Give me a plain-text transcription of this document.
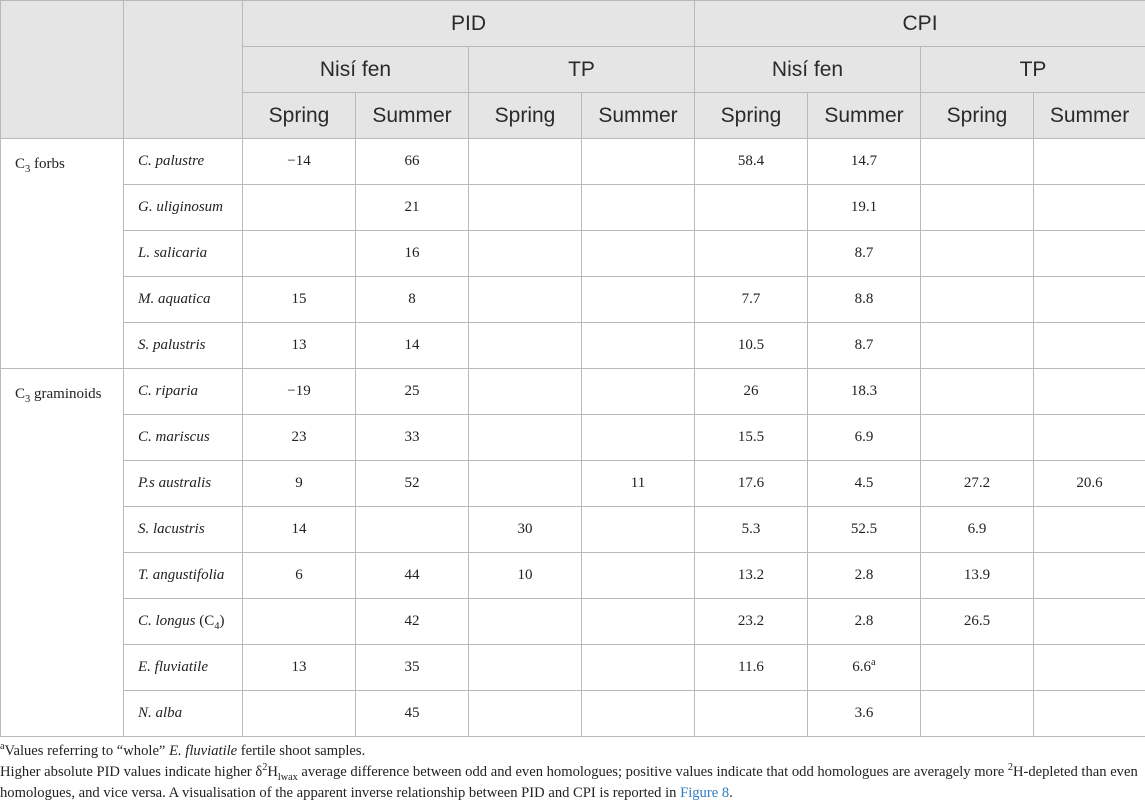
		PID				CPI			
		Nisí fen		TP		Nisí fen		TP	
		Spring	Summer	Spring	Summer	Spring	Summer	Spring	Summer
$C_3$ forbs	C. palustre	−14	66			58.4	14.7		
	G. uliginosum		21				19.1		
	L. salicaria		16				8.7		
	M. aquatica	15	8			7.7	8.8		
	S. palustris	13	14			10.5	8.7		
$C_3$ graminoids	C. riparia	−19	25			26	18.3		
	C. mariscus	23	33			15.5	6.9		
	P.s australis	9	52		11	17.6	4.5	27.2	20.6
	S. lacustris	14		30		5.3	52.5	6.9	
	T. angustifolia	6	44	10		13.2	2.8	13.9	
	C. longus $(C_4)$		42			23.2	2.8	26.5	
	E. fluviatile	13	35			11.6	6.6$^a$		
	N. alba		45				3.6		

$^a$Values referring to “whole” E. fluviatile fertile shoot samples.

Higher absolute PID values indicate higher $\delta^2H_{lwax}$ average difference between odd and even homologues; positive values indicate that odd homologues are averagely more $^2$H-depleted than even homologues, and vice versa. A visualisation of the apparent inverse relationship between PID and CPI is reported in Figure 8.
